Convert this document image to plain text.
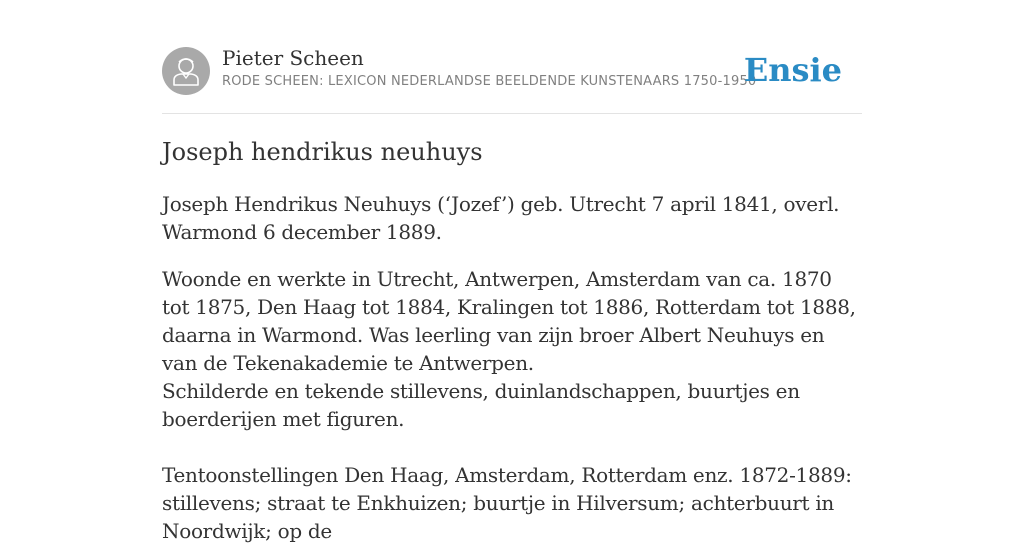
Pieter Scheen
RODE SCHEEN: LEXICON NEDERLANDSE BEELDENDE KUNSTENAARS 1750-1950
Ensie
Joseph hendrikus neuhuys

Joseph Hendrikus Neuhuys (‘Jozef’) geb. Utrecht 7 april 1841, overl. Warmond 6 december 1889.

Woonde en werkte in Utrecht, Antwerpen, Amsterdam van ca. 1870 tot 1875, Den Haag tot 1884, Kralingen tot 1886, Rotterdam tot 1888, daarna in Warmond. Was leerling van zijn broer Albert Neuhuys en van de Tekenakademie te Antwerpen.

Schilderde en tekende stillevens, duinlandschappen, buurtjes en boerderijen met figuren.

Tentoonstellingen Den Haag, Amsterdam, Rotterdam enz. 1872-1889: stillevens; straat te Enkhuizen; buurtje in Hilversum; achterbuurt in Noordwijk; op de
